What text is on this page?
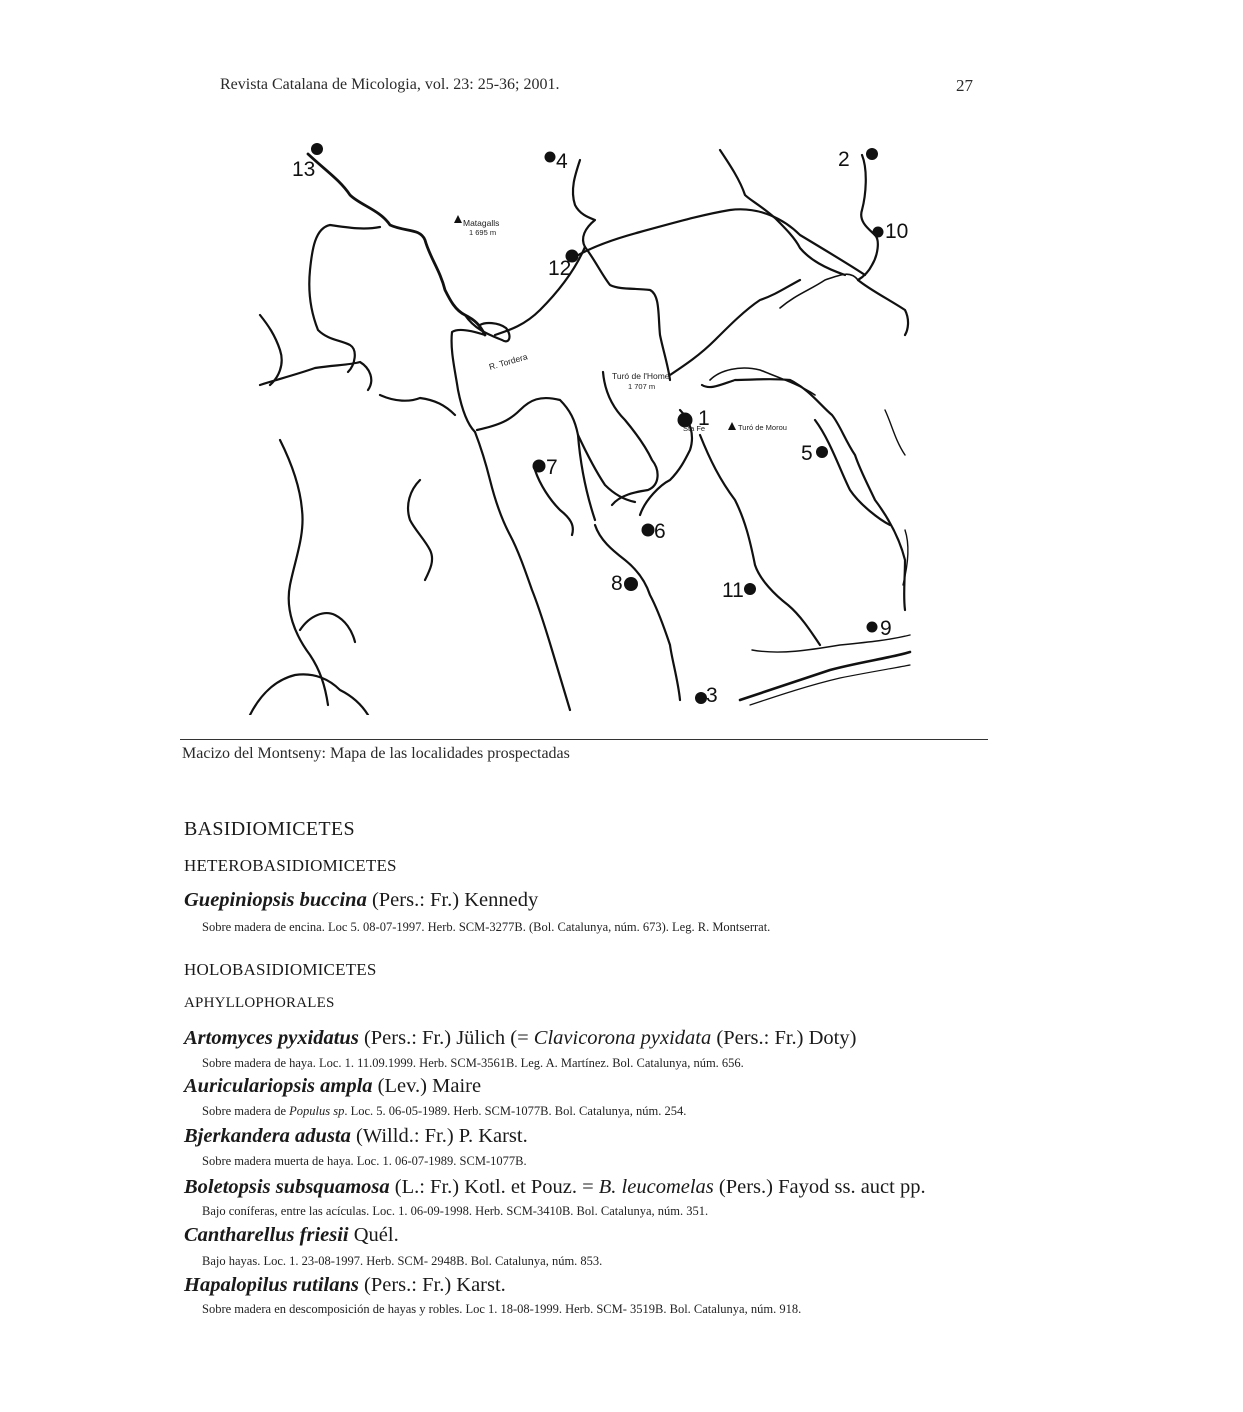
Revista Catalana de Micologia, vol. 23: 25-36; 2001.	27
1
2
3
4
5
6
7
8
9
10
11
12
13
Matagalls
1 695 m
Turó de l'Home
1 707 m
Turó de Morou
R. Tordera
Sta Fe
Macizo del Montseny: Mapa de las localidades prospectadas
BASIDIOMICETES
HETEROBASIDIOMICETES
Guepiniopsis buccina (Pers.: Fr.) Kennedy
Sobre madera de encina. Loc 5. 08-07-1997. Herb. SCM-3277B. (Bol. Catalunya, núm. 673). Leg. R. Montserrat.
HOLOBASIDIOMICETES
APHYLLOPHORALES
Artomyces pyxidatus (Pers.: Fr.) Jülich (= Clavicorona pyxidata (Pers.: Fr.) Doty)
Sobre madera de haya. Loc. 1. 11.09.1999. Herb. SCM-3561B. Leg. A. Martínez. Bol. Catalunya, núm. 656.
Auriculariopsis ampla (Lev.) Maire
Sobre madera de Populus sp. Loc. 5. 06-05-1989. Herb. SCM-1077B. Bol. Catalunya, núm. 254.
Bjerkandera adusta (Willd.: Fr.) P. Karst.
Sobre madera muerta de haya. Loc. 1. 06-07-1989. SCM-1077B.
Boletopsis subsquamosa (L.: Fr.) Kotl. et Pouz. = B. leucomelas (Pers.) Fayod ss. auct pp.
Bajo coníferas, entre las acículas. Loc. 1. 06-09-1998. Herb. SCM-3410B. Bol. Catalunya, núm. 351.
Cantharellus friesii Quél.
Bajo hayas. Loc. 1. 23-08-1997. Herb. SCM- 2948B. Bol. Catalunya, núm. 853.
Hapalopilus rutilans (Pers.: Fr.) Karst.
Sobre madera en descomposición de hayas y robles. Loc 1. 18-08-1999. Herb. SCM- 3519B. Bol. Catalunya, núm. 918.
